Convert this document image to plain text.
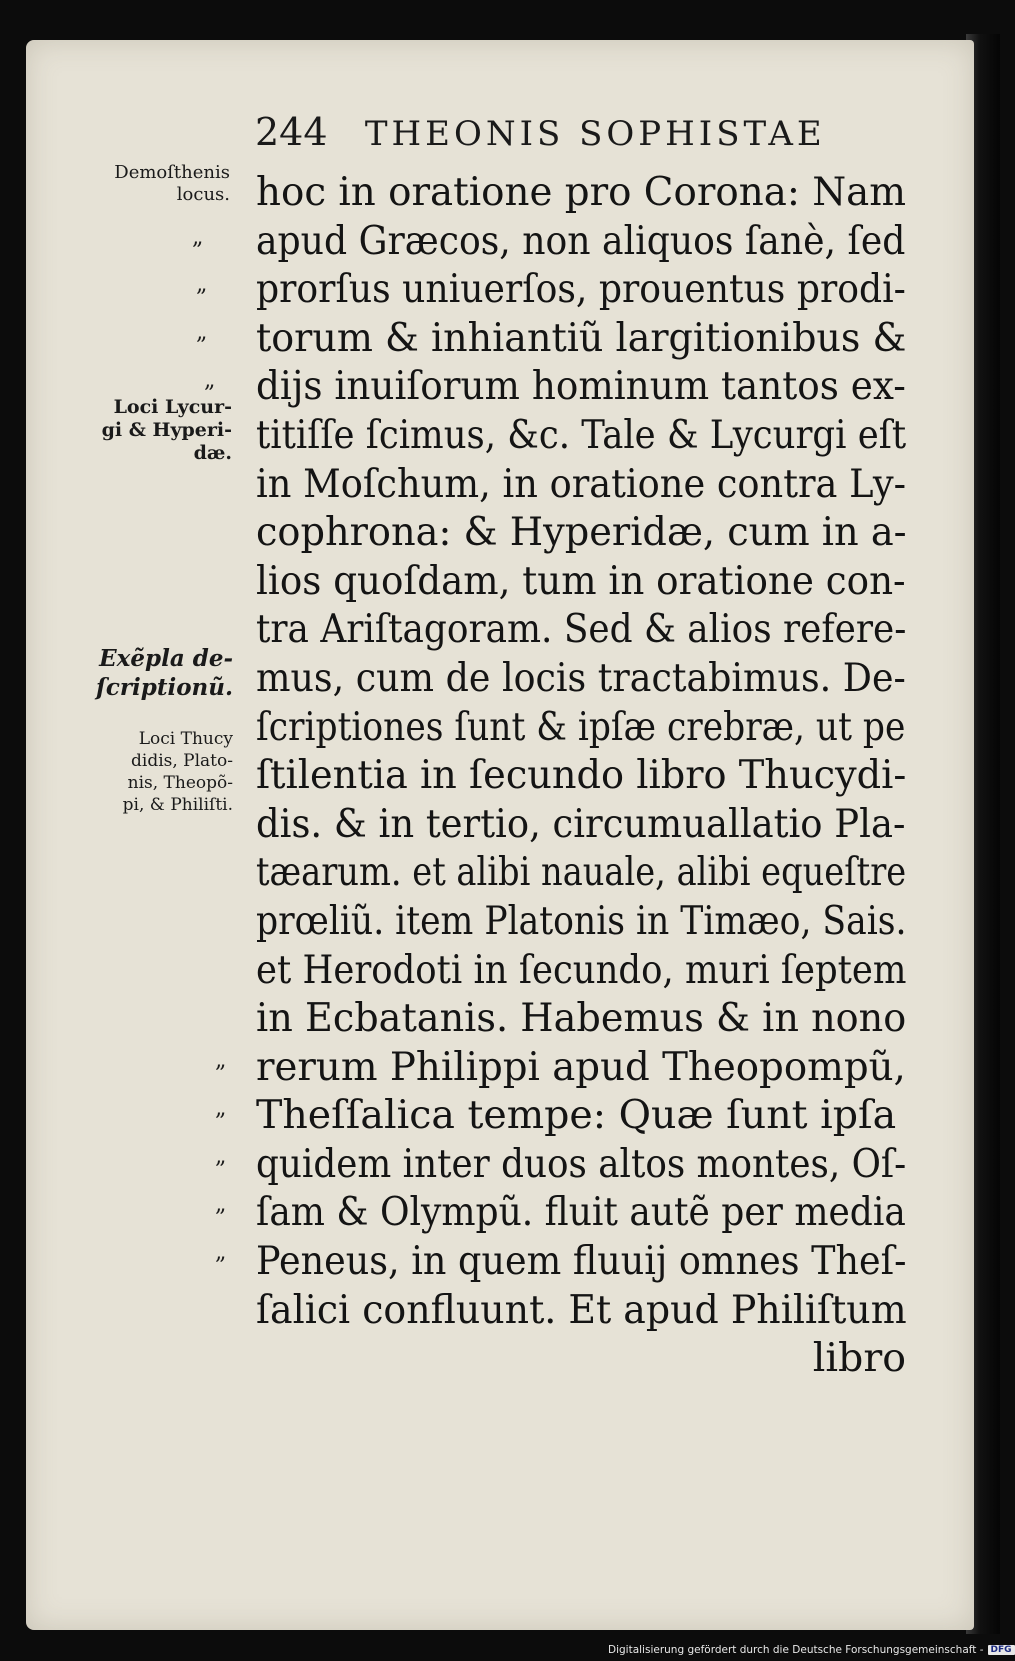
244 THEONIS SOPHISTAE
Demoſthenis
locus.
Loci Lycur-
gi & Hyperi-
dæ.
Exẽpla de-
ſcriptionũ.
Loci Thucy
didis, Plato-
nis, Theopõ-
pi, & Philiſti.
„
„
„
„
„
„
„
„
„
hoc in oratione pro Corona: Nam
apud Græcos, non aliquos ſanè, ſed
prorſus uniuerſos, prouentus prodi-
torum & inhiantiũ largitionibus &
dijs inuiſorum hominum tantos ex-
titiſſe ſcimus, &c. Tale & Lycurgi eſt
in Moſchum, in oratione contra Ly-
cophrona: & Hyperidæ, cum in a-
lios quoſdam, tum in oratione con-
tra Ariſtagoram. Sed & alios refere-
mus, cum de locis tractabimus. De-
ſcriptiones ſunt & ipſæ crebræ, ut pe
ſtilentia in ſecundo libro Thucydi-
dis. & in tertio, circumuallatio Pla-
tæarum. et alibi nauale, alibi equeſtre
prœliũ. item Platonis in Timæo, Sais.
et Herodoti in ſecundo, muri ſeptem
in Ecbatanis. Habemus & in nono
rerum Philippi apud Theopompũ,
Theſſalica tempe: Quæ ſunt ipſa
quidem inter duos altos montes, Oſ-
ſam & Olympũ. fluit autẽ per media
Peneus, in quem fluuij omnes Theſ-
ſalici confluunt. Et apud Philiſtum
libro
Digitalisierung gefördert durch die Deutsche Forschungsgemeinschaft - DFG
